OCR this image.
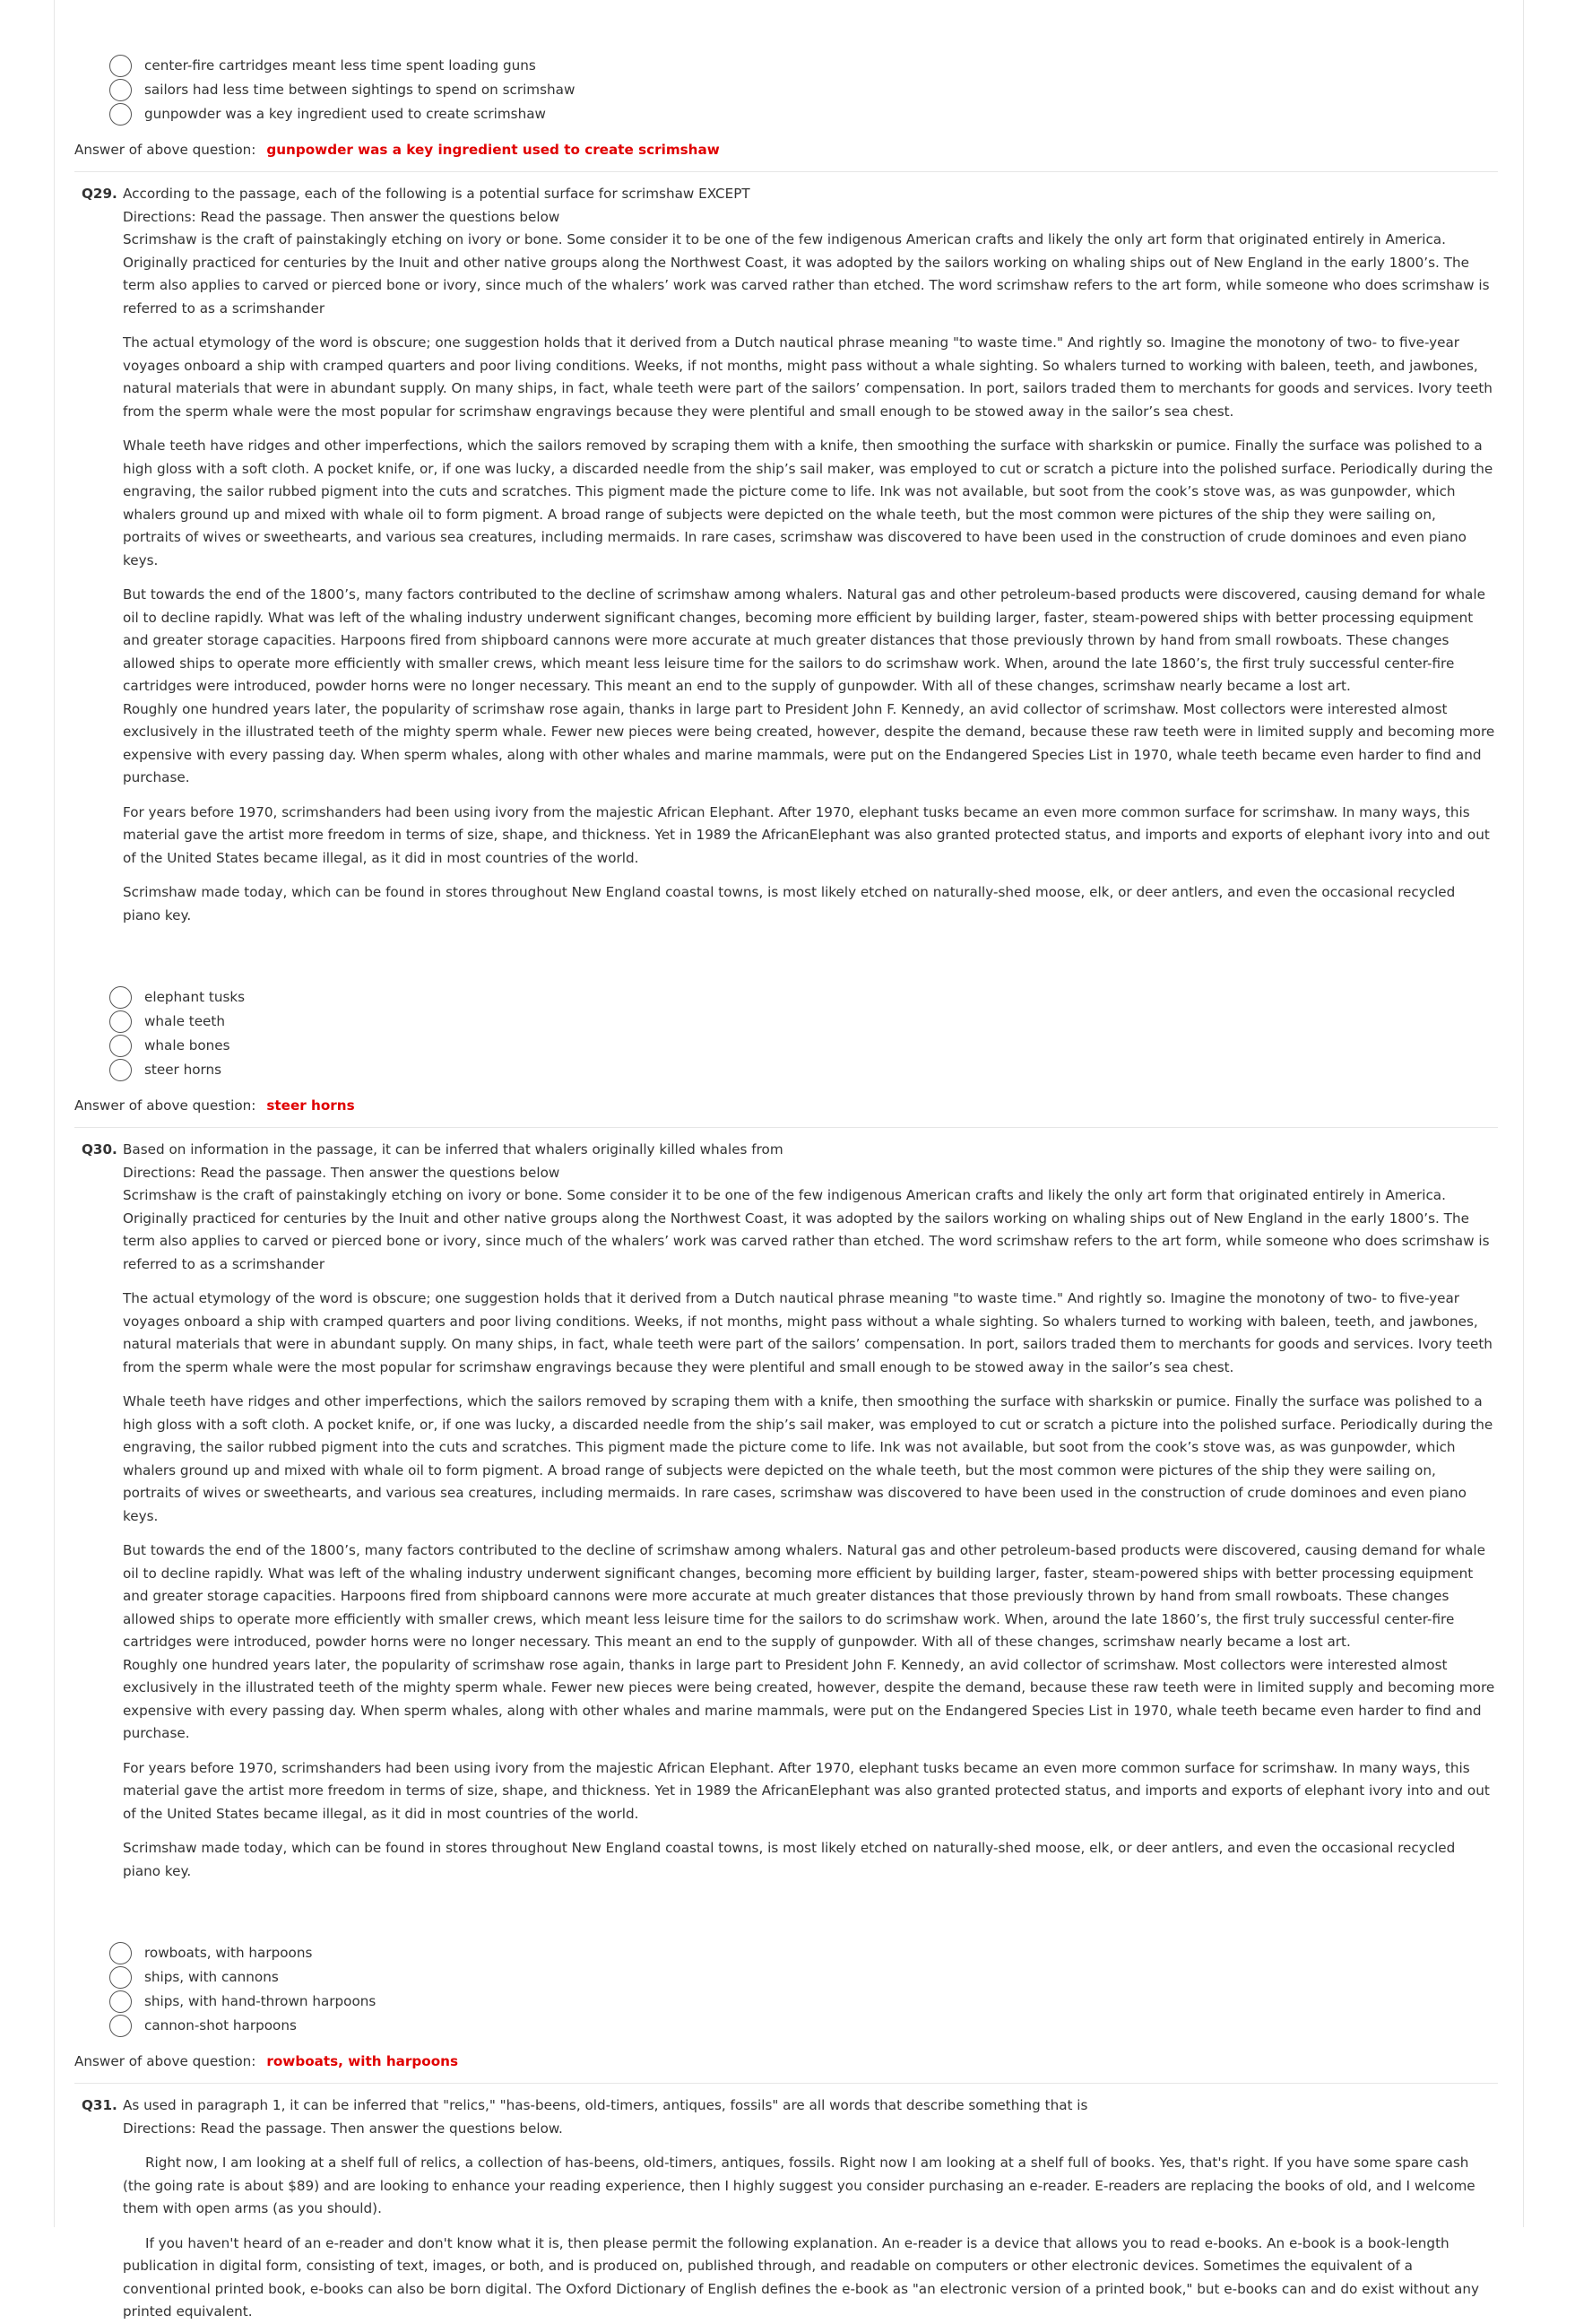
center-fire cartridges meant less time spent loading guns
sailors had less time between sightings to spend on scrimshaw
gunpowder was a key ingredient used to create scrimshaw
Answer of above question: gunpowder was a key ingredient used to create scrimshaw
Q29. According to the passage, each of the following is a potential surface for scrimshaw EXCEPT

Directions: Read the passage. Then answer the questions below

Scrimshaw is the craft of painstakingly etching on ivory or bone. Some consider it to be one of the few indigenous American crafts and likely the only art form that originated entirely in America. Originally practiced for centuries by the Inuit and other native groups along the Northwest Coast, it was adopted by the sailors working on whaling ships out of New England in the early 1800’s. The term also applies to carved or pierced bone or ivory, since much of the whalers’ work was carved rather than etched. The word scrimshaw refers to the art form, while someone who does scrimshaw is referred to as a scrimshander

The actual etymology of the word is obscure; one suggestion holds that it derived from a Dutch nautical phrase meaning "to waste time." And rightly so. Imagine the monotony of two- to five-year voyages onboard a ship with cramped quarters and poor living conditions. Weeks, if not months, might pass without a whale sighting. So whalers turned to working with baleen, teeth, and jawbones, natural materials that were in abundant supply. On many ships, in fact, whale teeth were part of the sailors’ compensation. In port, sailors traded them to merchants for goods and services. Ivory teeth from the sperm whale were the most popular for scrimshaw engravings because they were plentiful and small enough to be stowed away in the sailor’s sea chest.

Whale teeth have ridges and other imperfections, which the sailors removed by scraping them with a knife, then smoothing the surface with sharkskin or pumice. Finally the surface was polished to a high gloss with a soft cloth. A pocket knife, or, if one was lucky, a discarded needle from the ship’s sail maker, was employed to cut or scratch a picture into the polished surface. Periodically during the engraving, the sailor rubbed pigment into the cuts and scratches. This pigment made the picture come to life. Ink was not available, but soot from the cook’s stove was, as was gunpowder, which whalers ground up and mixed with whale oil to form pigment. A broad range of subjects were depicted on the whale teeth, but the most common were pictures of the ship they were sailing on, portraits of wives or sweethearts, and various sea creatures, including mermaids. In rare cases, scrimshaw was discovered to have been used in the construction of crude dominoes and even piano keys.

But towards the end of the 1800’s, many factors contributed to the decline of scrimshaw among whalers. Natural gas and other petroleum-based products were discovered, causing demand for whale oil to decline rapidly. What was left of the whaling industry underwent significant changes, becoming more efficient by building larger, faster, steam-powered ships with better processing equipment and greater storage capacities. Harpoons fired from shipboard cannons were more accurate at much greater distances that those previously thrown by hand from small rowboats. These changes allowed ships to operate more efficiently with smaller crews, which meant less leisure time for the sailors to do scrimshaw work. When, around the late 1860’s, the first truly successful center-fire cartridges were introduced, powder horns were no longer necessary. This meant an end to the supply of gunpowder. With all of these changes, scrimshaw nearly became a lost art.

Roughly one hundred years later, the popularity of scrimshaw rose again, thanks in large part to President John F. Kennedy, an avid collector of scrimshaw. Most collectors were interested almost exclusively in the illustrated teeth of the mighty sperm whale. Fewer new pieces were being created, however, despite the demand, because these raw teeth were in limited supply and becoming more expensive with every passing day. When sperm whales, along with other whales and marine mammals, were put on the Endangered Species List in 1970, whale teeth became even harder to find and purchase.

For years before 1970, scrimshanders had been using ivory from the majestic African Elephant. After 1970, elephant tusks became an even more common surface for scrimshaw. In many ways, this material gave the artist more freedom in terms of size, shape, and thickness. Yet in 1989 the AfricanElephant was also granted protected status, and imports and exports of elephant ivory into and out of the United States became illegal, as it did in most countries of the world.

Scrimshaw made today, which can be found in stores throughout New England coastal towns, is most likely etched on naturally-shed moose, elk, or deer antlers, and even the occasional recycled piano key.

elephant tusks
whale teeth
whale bones
steer horns
Answer of above question: steer horns
Q30. Based on information in the passage, it can be inferred that whalers originally killed whales from

Directions: Read the passage. Then answer the questions below

Scrimshaw is the craft of painstakingly etching on ivory or bone. Some consider it to be one of the few indigenous American crafts and likely the only art form that originated entirely in America. Originally practiced for centuries by the Inuit and other native groups along the Northwest Coast, it was adopted by the sailors working on whaling ships out of New England in the early 1800’s. The term also applies to carved or pierced bone or ivory, since much of the whalers’ work was carved rather than etched. The word scrimshaw refers to the art form, while someone who does scrimshaw is referred to as a scrimshander

The actual etymology of the word is obscure; one suggestion holds that it derived from a Dutch nautical phrase meaning "to waste time." And rightly so. Imagine the monotony of two- to five-year voyages onboard a ship with cramped quarters and poor living conditions. Weeks, if not months, might pass without a whale sighting. So whalers turned to working with baleen, teeth, and jawbones, natural materials that were in abundant supply. On many ships, in fact, whale teeth were part of the sailors’ compensation. In port, sailors traded them to merchants for goods and services. Ivory teeth from the sperm whale were the most popular for scrimshaw engravings because they were plentiful and small enough to be stowed away in the sailor’s sea chest.

Whale teeth have ridges and other imperfections, which the sailors removed by scraping them with a knife, then smoothing the surface with sharkskin or pumice. Finally the surface was polished to a high gloss with a soft cloth. A pocket knife, or, if one was lucky, a discarded needle from the ship’s sail maker, was employed to cut or scratch a picture into the polished surface. Periodically during the engraving, the sailor rubbed pigment into the cuts and scratches. This pigment made the picture come to life. Ink was not available, but soot from the cook’s stove was, as was gunpowder, which whalers ground up and mixed with whale oil to form pigment. A broad range of subjects were depicted on the whale teeth, but the most common were pictures of the ship they were sailing on, portraits of wives or sweethearts, and various sea creatures, including mermaids. In rare cases, scrimshaw was discovered to have been used in the construction of crude dominoes and even piano keys.

But towards the end of the 1800’s, many factors contributed to the decline of scrimshaw among whalers. Natural gas and other petroleum-based products were discovered, causing demand for whale oil to decline rapidly. What was left of the whaling industry underwent significant changes, becoming more efficient by building larger, faster, steam-powered ships with better processing equipment and greater storage capacities. Harpoons fired from shipboard cannons were more accurate at much greater distances that those previously thrown by hand from small rowboats. These changes allowed ships to operate more efficiently with smaller crews, which meant less leisure time for the sailors to do scrimshaw work. When, around the late 1860’s, the first truly successful center-fire cartridges were introduced, powder horns were no longer necessary. This meant an end to the supply of gunpowder. With all of these changes, scrimshaw nearly became a lost art.

Roughly one hundred years later, the popularity of scrimshaw rose again, thanks in large part to President John F. Kennedy, an avid collector of scrimshaw. Most collectors were interested almost exclusively in the illustrated teeth of the mighty sperm whale. Fewer new pieces were being created, however, despite the demand, because these raw teeth were in limited supply and becoming more expensive with every passing day. When sperm whales, along with other whales and marine mammals, were put on the Endangered Species List in 1970, whale teeth became even harder to find and purchase.

For years before 1970, scrimshanders had been using ivory from the majestic African Elephant. After 1970, elephant tusks became an even more common surface for scrimshaw. In many ways, this material gave the artist more freedom in terms of size, shape, and thickness. Yet in 1989 the AfricanElephant was also granted protected status, and imports and exports of elephant ivory into and out of the United States became illegal, as it did in most countries of the world.

Scrimshaw made today, which can be found in stores throughout New England coastal towns, is most likely etched on naturally-shed moose, elk, or deer antlers, and even the occasional recycled piano key.

rowboats, with harpoons
ships, with cannons
ships, with hand-thrown harpoons
cannon-shot harpoons
Answer of above question: rowboats, with harpoons
Q31. As used in paragraph 1, it can be inferred that "relics," "has-beens, old-timers, antiques, fossils" are all words that describe something that is

Directions: Read the passage. Then answer the questions below.

Right now, I am looking at a shelf full of relics, a collection of has-beens, old-timers, antiques, fossils. Right now I am looking at a shelf full of books. Yes, that's right. If you have some spare cash (the going rate is about $89) and are looking to enhance your reading experience, then I highly suggest you consider purchasing an e-reader. E-readers are replacing the books of old, and I welcome them with open arms (as you should).

If you haven't heard of an e-reader and don't know what it is, then please permit the following explanation. An e-reader is a device that allows you to read e-books. An e-book is a book-length publication in digital form, consisting of text, images, or both, and is produced on, published through, and readable on computers or other electronic devices. Sometimes the equivalent of a conventional printed book, e-books can also be born digital. The Oxford Dictionary of English defines the e-book as "an electronic version of a printed book," but e-books can and do exist without any printed equivalent.
